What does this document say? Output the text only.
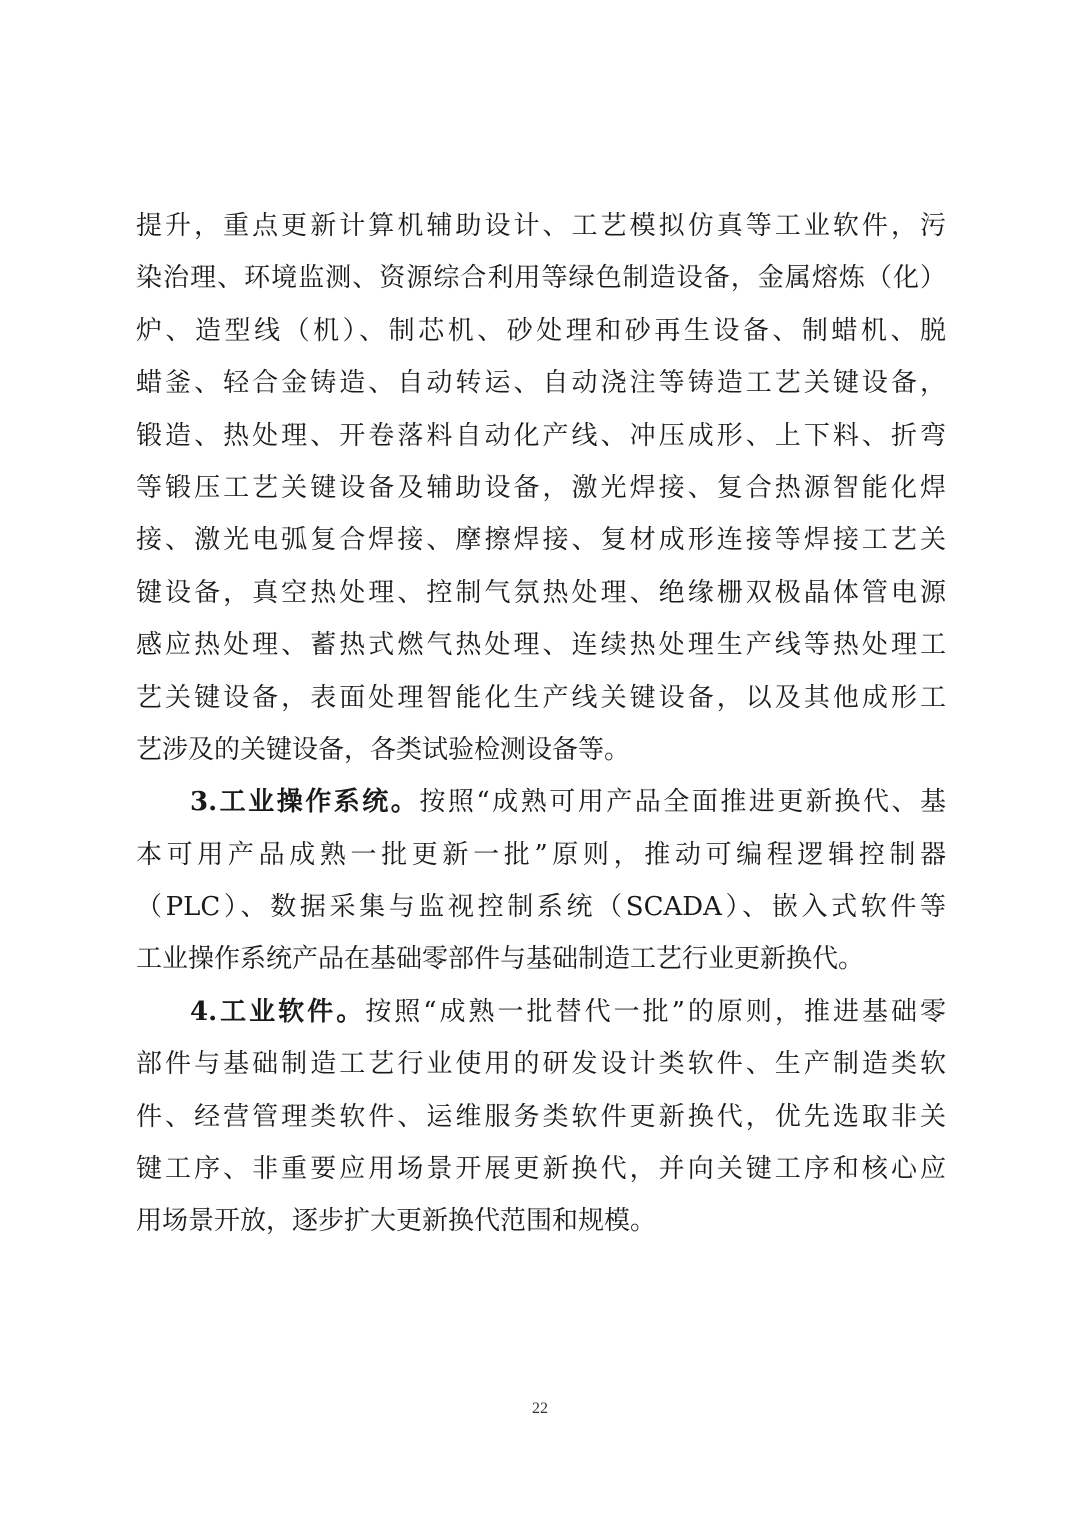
提升，重点更新计算机辅助设计、工艺模拟仿真等工业软件，污
染治理、环境监测、资源综合利用等绿色制造设备，金属熔炼（化）
炉、造型线（机）、制芯机、砂处理和砂再生设备、制蜡机、脱
蜡釜、轻合金铸造、自动转运、自动浇注等铸造工艺关键设备，
锻造、热处理、开卷落料自动化产线、冲压成形、上下料、折弯
等锻压工艺关键设备及辅助设备，激光焊接、复合热源智能化焊
接、激光电弧复合焊接、摩擦焊接、复材成形连接等焊接工艺关
键设备，真空热处理、控制气氛热处理、绝缘栅双极晶体管电源
感应热处理、蓄热式燃气热处理、连续热处理生产线等热处理工
艺关键设备，表面处理智能化生产线关键设备，以及其他成形工
艺涉及的关键设备，各类试验检测设备等。
3.工业操作系统。按照“成熟可用产品全面推进更新换代、基
本可用产品成熟一批更新一批”原则，推动可编程逻辑控制器
（PLC）、数据采集与监视控制系统（SCADA）、嵌入式软件等
工业操作系统产品在基础零部件与基础制造工艺行业更新换代。
4.工业软件。按照“成熟一批替代一批”的原则，推进基础零
部件与基础制造工艺行业使用的研发设计类软件、生产制造类软
件、经营管理类软件、运维服务类软件更新换代，优先选取非关
键工序、非重要应用场景开展更新换代，并向关键工序和核心应
用场景开放，逐步扩大更新换代范围和规模。
22
